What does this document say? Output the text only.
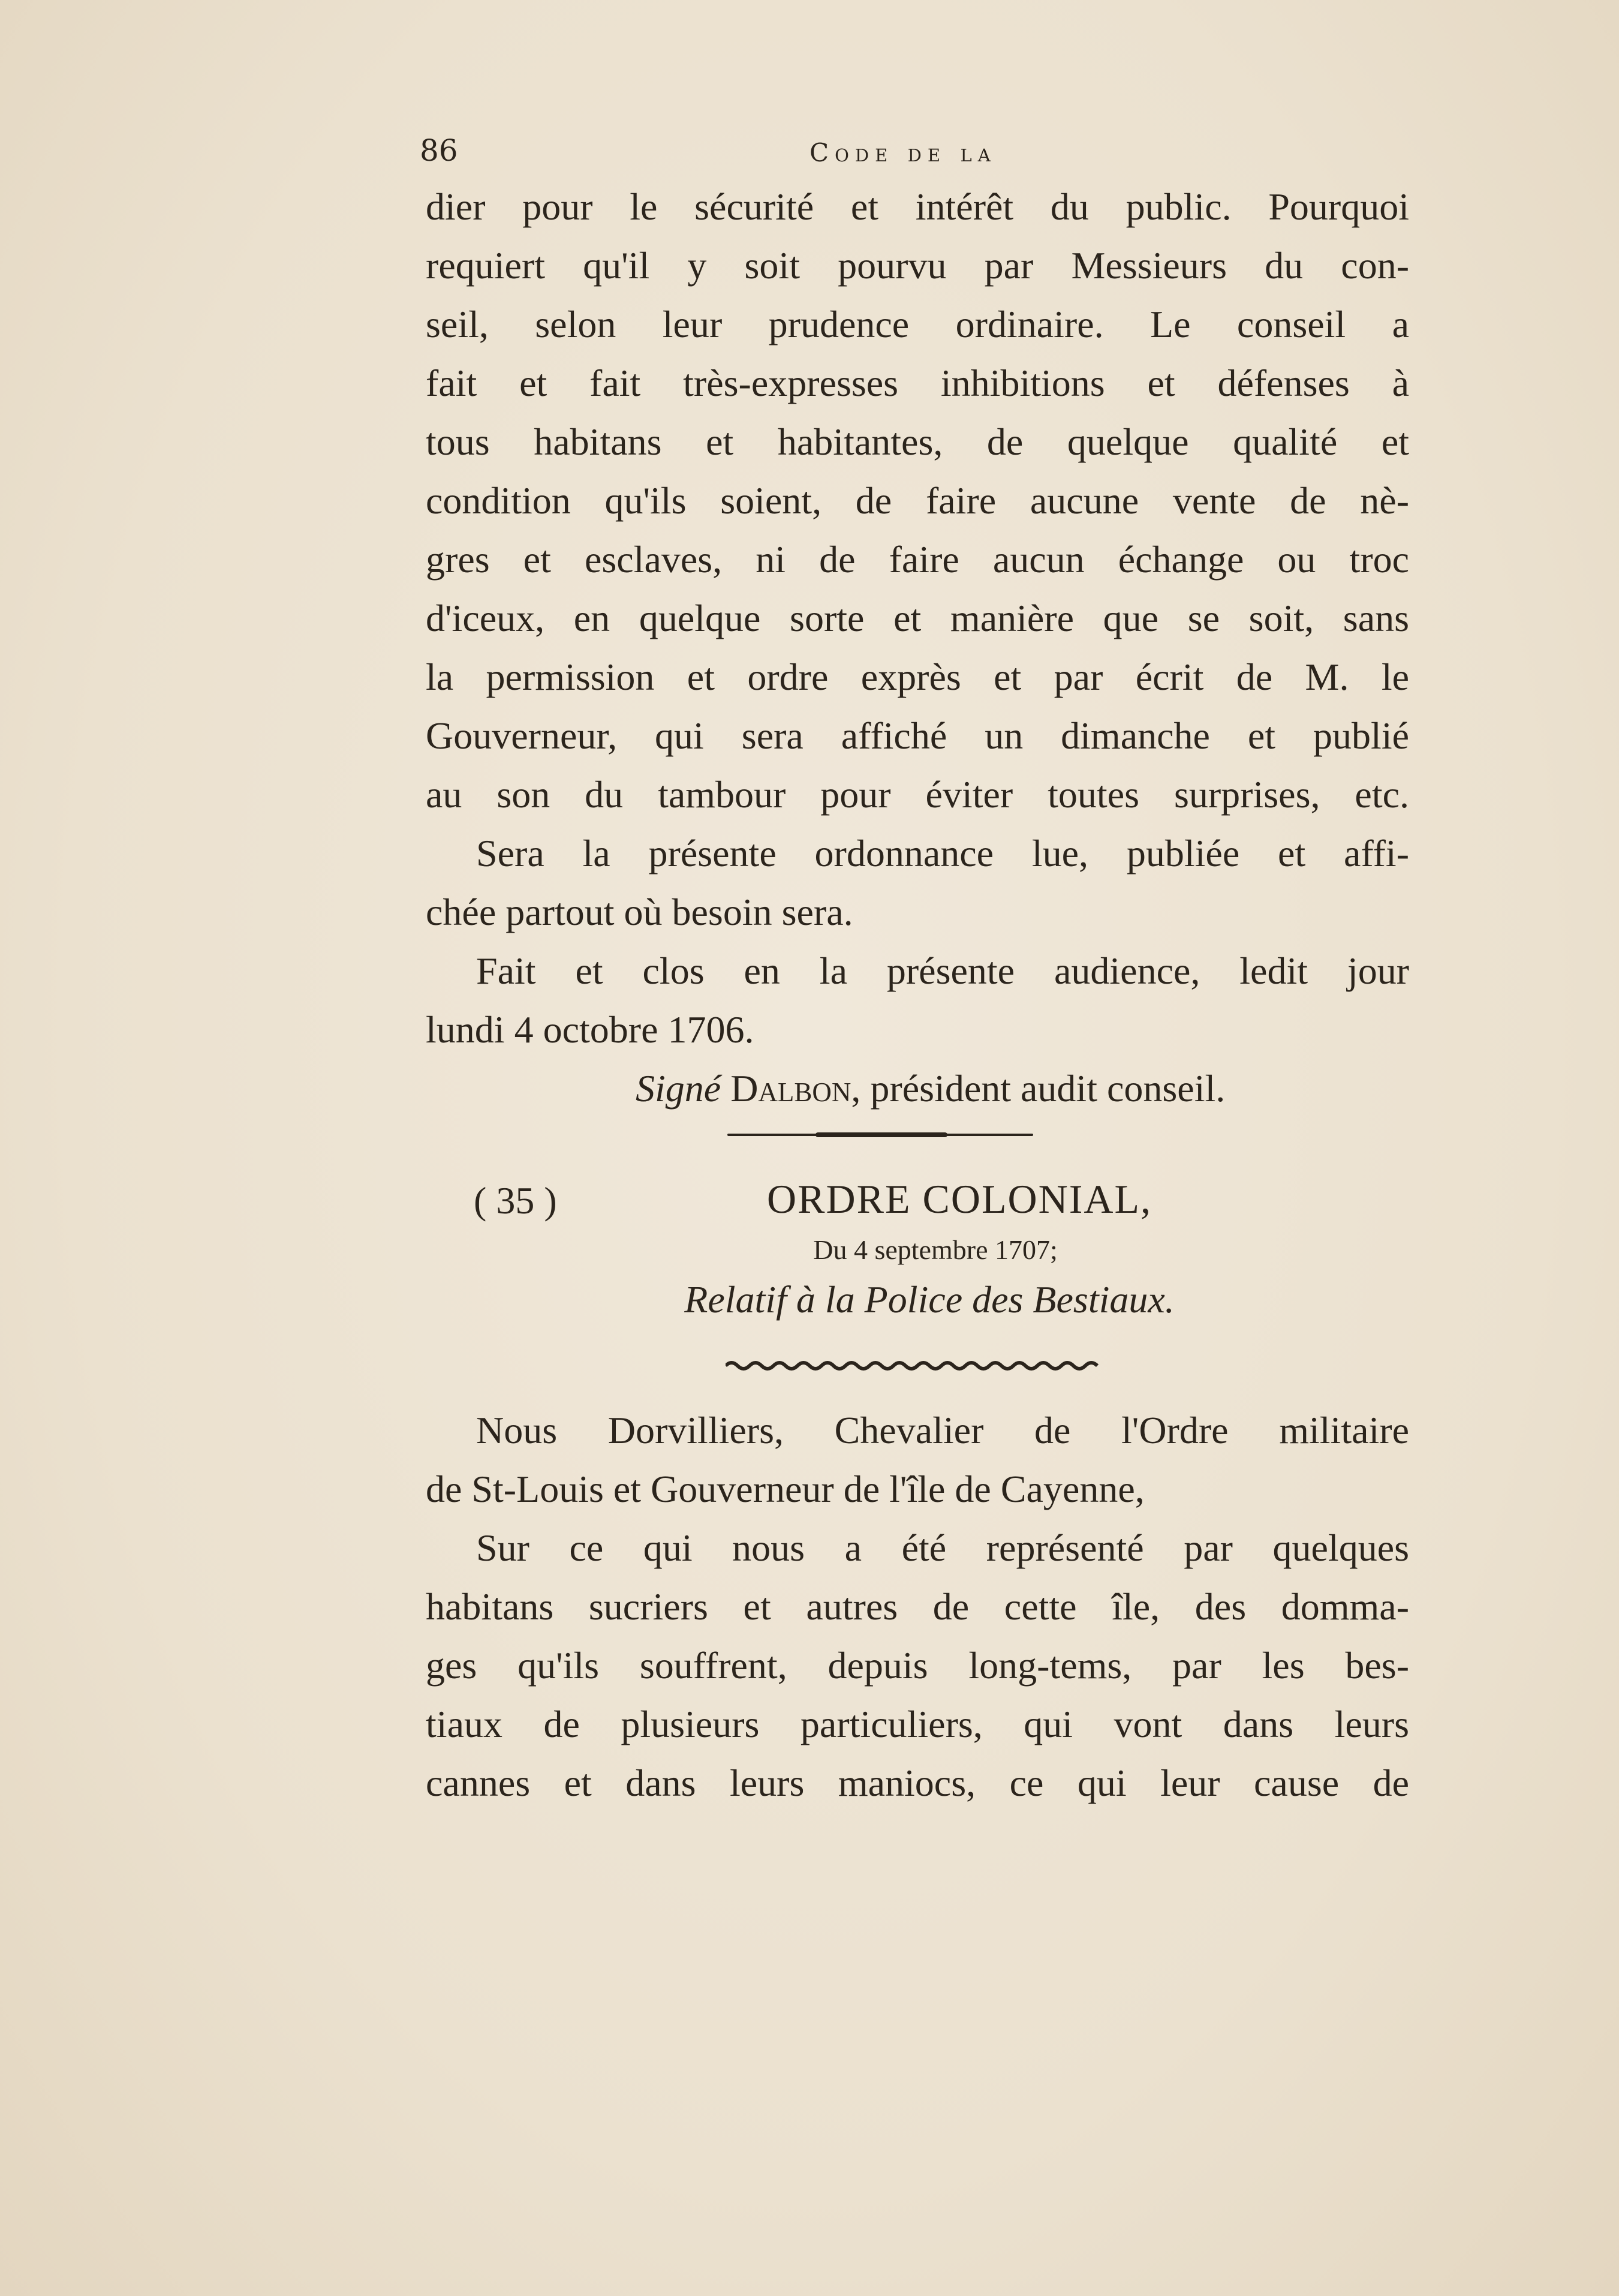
86	Code de la
dier pour le sécurité et intérêt du public. Pourquoi
requiert qu'il y soit pourvu par Messieurs du con-
seil, selon leur prudence ordinaire. Le conseil a
fait et fait très-expresses inhibitions et défenses à
tous habitans et habitantes, de quelque qualité et
condition qu'ils soient, de faire aucune vente de nè-
gres et esclaves, ni de faire aucun échange ou troc
d'iceux, en quelque sorte et manière que se soit, sans
la permission et ordre exprès et par écrit de M. le
Gouverneur, qui sera affiché un dimanche et publié
au son du tambour pour éviter toutes surprises, etc.
Sera la présente ordonnance lue, publiée et affi-
chée partout où besoin sera.
Fait et clos en la présente audience, ledit jour
lundi 4 octobre 1706.
Signé Dalbon, président audit conseil.
( 35 )	ORDRE COLONIAL,
Du 4 septembre 1707;
Relatif à la Police des Bestiaux.
Nous Dorvilliers, Chevalier de l'Ordre militaire
de St-Louis et Gouverneur de l'île de Cayenne,
Sur ce qui nous a été représenté par quelques
habitans sucriers et autres de cette île, des domma-
ges qu'ils souffrent, depuis long-tems, par les bes-
tiaux de plusieurs particuliers, qui vont dans leurs
cannes et dans leurs maniocs, ce qui leur cause de
